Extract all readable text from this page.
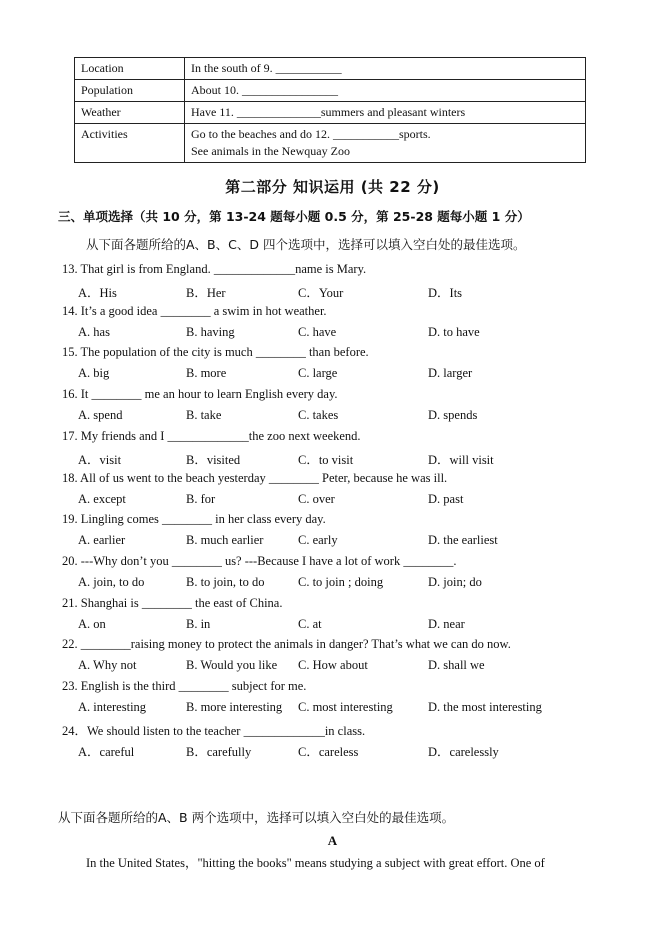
Location	In the south of 9. ___________
Population	About 10. ________________
Weather	Have 11. ______________summers and pleasant winters
Activities	Go to the beaches and do 12. ___________sports.
See animals in the Newquay Zoo
第二部分 知识运用 (共 22 分)
三、单项选择（共 10 分，第 13-24 题每小题 0.5 分，第 25-28 题每小题 1 分）
从下面各题所给的A、B、C、D 四个选项中，选择可以填入空白处的最佳选项。
13. That girl is from England. _____________name is Mary.
A．His	B．Her	C．Your	D．Its
14. It’s a good idea ________ a swim in hot weather.
A. has	B. having	C. have	D. to have
15. The population of the city is much ________ than before.
A. big	B. more	C. large	D. larger
16. It ________ me an hour to learn English every day.
A. spend	B. take	C. takes	D. spends
17. My friends and I _____________the zoo next weekend.
A．visit	B．visited	C．to visit	D．will visit
18. All of us went to the beach yesterday ________ Peter, because he was ill.
A. except	B. for	C. over	D. past
19. Lingling comes ________ in her class every day.
A. earlier	B. much earlier	C. early	D. the earliest
20. ---Why don’t you ________ us? ---Because I have a lot of work ________.
A. join, to do	B. to join, to do	C. to join ; doing	D. join; do
21. Shanghai is ________ the east of China.
A. on	B. in	C. at	D. near
22. ________raising money to protect the animals in danger? That’s what we can do now.
A. Why not	B. Would you like C. How about	D. shall we
23. English is the third ________ subject for me.
A. interesting	B. more interesting C. most interesting	D. the most interesting
24．We should listen to the teacher _____________in class.
A．careful	B．carefully	C．careless	D．carelessly
从下面各题所给的A、B 两个选项中，选择可以填入空白处的最佳选项。
A
In the United States，"hitting the books" means studying a subject with great effort. One of
